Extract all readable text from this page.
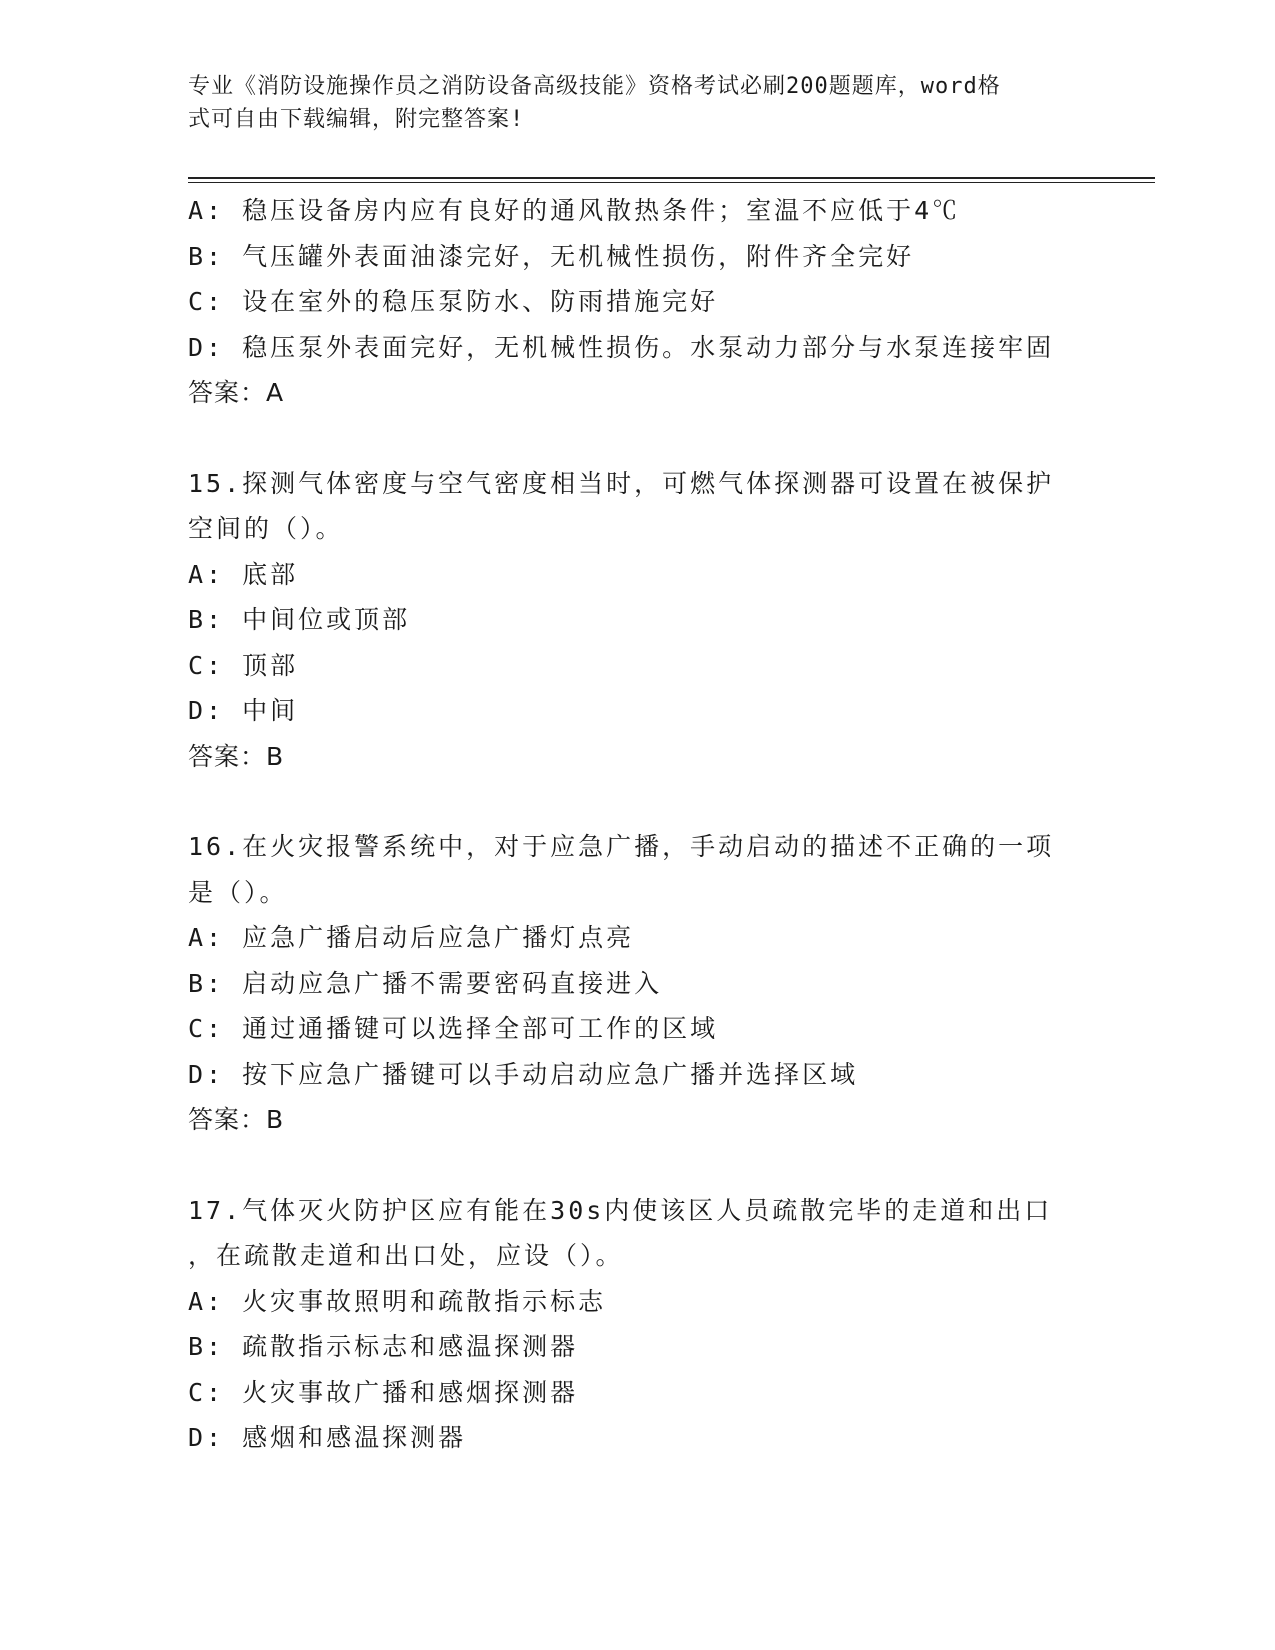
专业《消防设施操作员之消防设备高级技能》资格考试必刷200题题库，word格
式可自由下载编辑，附完整答案!
A: 稳压设备房内应有良好的通风散热条件；室温不应低于4℃
B: 气压罐外表面油漆完好，无机械性损伤，附件齐全完好
C: 设在室外的稳压泵防水、防雨措施完好
D: 稳压泵外表面完好，无机械性损伤。水泵动力部分与水泵连接牢固
答案：A
15.探测气体密度与空气密度相当时，可燃气体探测器可设置在被保护
空间的（）。
A: 底部
B: 中间位或顶部
C: 顶部
D: 中间
答案：B
16.在火灾报警系统中，对于应急广播，手动启动的描述不正确的一项
是（）。
A: 应急广播启动后应急广播灯点亮
B: 启动应急广播不需要密码直接进入
C: 通过通播键可以选择全部可工作的区域
D: 按下应急广播键可以手动启动应急广播并选择区域
答案：B
17.气体灭火防护区应有能在30s内使该区人员疏散完毕的走道和出口
，在疏散走道和出口处，应设（）。
A: 火灾事故照明和疏散指示标志
B: 疏散指示标志和感温探测器
C: 火灾事故广播和感烟探测器
D: 感烟和感温探测器
